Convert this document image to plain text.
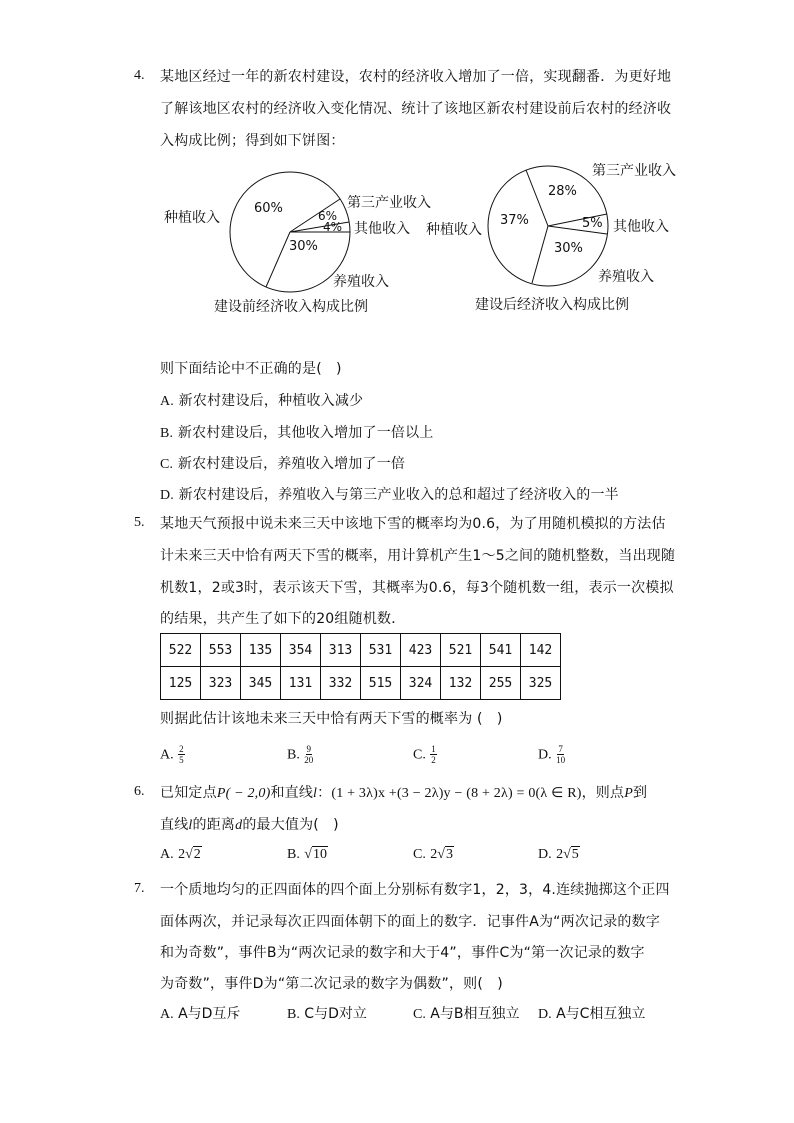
4. 某地区经过一年的新农村建设，农村的经济收入增加了一倍，实现翻番．为更好地
了解该地区农村的经济收入变化情况、统计了该地区新农村建设前后农村的经济收
入构成比例；得到如下饼图：
60%	6%
4%
30%
种植收入
第三产业收入
其他收入
养殖收入
建设前经济收入构成比例
37%
28%
5%
30%
种植收入
第三产业收入
其他收入
养殖收入
建设后经济收入构成比例
则下面结论中不正确的是(　)
A. 新农村建设后，种植收入减少
B. 新农村建设后，其他收入增加了一倍以上
C. 新农村建设后，养殖收入增加了一倍
D. 新农村建设后，养殖收入与第三产业收入的总和超过了经济收入的一半
5. 某地天气预报中说未来三天中该地下雪的概率均为0.6，为了用随机模拟的方法估
计未来三天中恰有两天下雪的概率，用计算机产生1～5之间的随机整数，当出现随
机数1，2或3时，表示该天下雪，其概率为0.6，每3个随机数一组，表示一次模拟
的结果，共产生了如下的20组随机数．
522	553	135	354	313	531	423	521	541	142
125	323	345	131	332	515	324	132	255	325
则据此估计该地未来三天中恰有两天下雪的概率为 (　)
A. $\frac{2}{5}$	B. $\frac{9}{20}$	C. $\frac{1}{2}$	D. $\frac{7}{10}$
6. 已知定点P( − 2,0)和直线l：(1 + 3λ)x +(3 − 2λ)y − (8 + 2λ) = 0(λ ∈ R)，则点P到
直线l的距离d的最大值为(　)
A. 2√2	B. √10	C. 2√3	D. 2√5
7. 一个质地均匀的正四面体的四个面上分别标有数字1，2，3，4.连续抛掷这个正四
面体两次，并记录每次正四面体朝下的面上的数字．记事件A为“两次记录的数字
和为奇数”，事件B为“两次记录的数字和大于4”，事件C为“第一次记录的数字
为奇数”，事件D为“第二次记录的数字为偶数”，则(　)
A. A与D互斥	B. C与D对立	C. A与B相互独立 D. A与C相互独立
